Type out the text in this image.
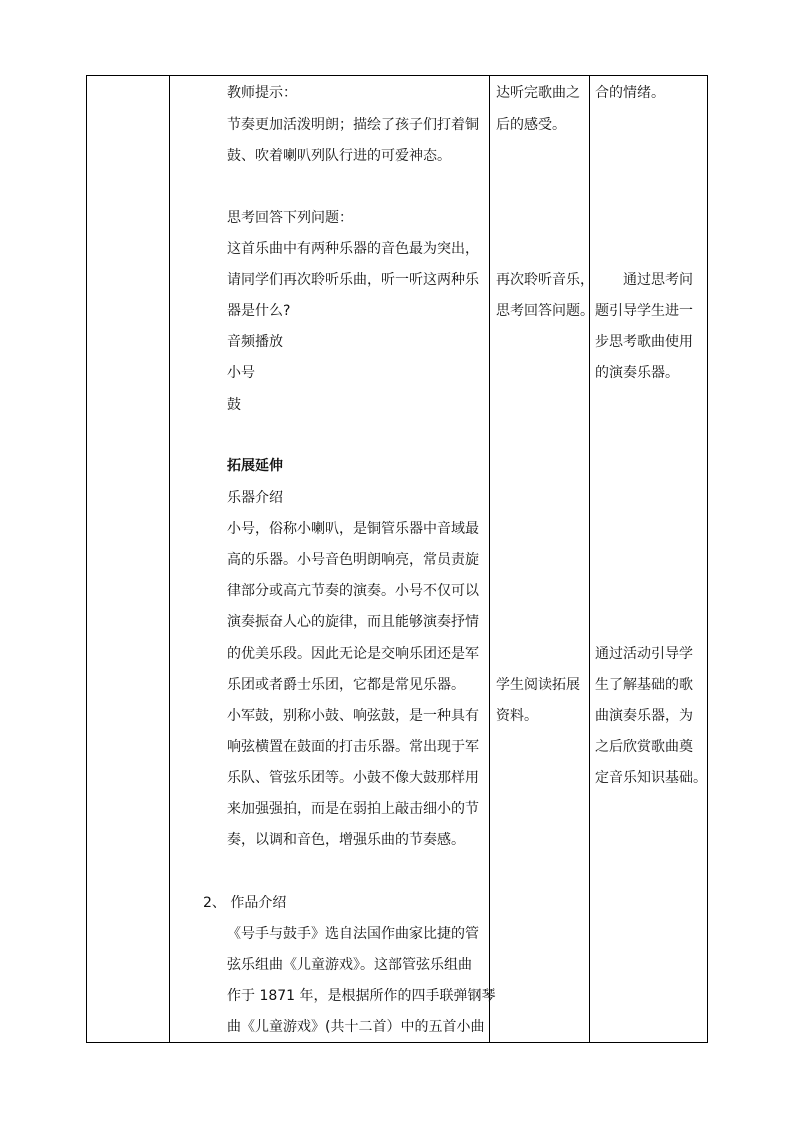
教师提示：
节奏更加活泼明朗；描绘了孩子们打着铜
鼓、吹着喇叭列队行进的可爱神态。
思考回答下列问题：
这首乐曲中有两种乐器的音色最为突出，
请同学们再次聆听乐曲，听一听这两种乐
器是什么?
音频播放
小号
鼓
拓展延伸
乐器介绍
小号，俗称小喇叭，是铜管乐器中音域最
高的乐器。小号音色明朗响亮，常员责旋
律部分或高亢节奏的演奏。小号不仅可以
演奏振奋人心的旋律，而且能够演奏抒情
的优美乐段。因此无论是交响乐团还是军
乐团或者爵士乐团，它都是常见乐器。
小军鼓，别称小鼓、响弦鼓，是一种具有
响弦横置在鼓面的打击乐器。常出现于军
乐队、管弦乐团等。小鼓不像大鼓那样用
来加强强拍，而是在弱拍上敲击细小的节
奏，以调和音色，增强乐曲的节奏感。
2、 作品介绍
《号手与鼓手》选自法国作曲家比捷的管
弦乐组曲《儿童游戏》。这部管弦乐组曲
作于 1871 年，是根据所作的四手联弹钢琴
曲《儿童游戏》(共十二首）中的五首小曲
达听完歌曲之
后的感受。
再次聆听音乐，
思考回答问题。
学生阅读拓展
资料。
合的情绪。
通过思考问
题引导学生进一
步思考歌曲使用
的演奏乐器。
通过活动引导学
生了解基础的歌
曲演奏乐器，为
之后欣赏歌曲奠
定音乐知识基础。
